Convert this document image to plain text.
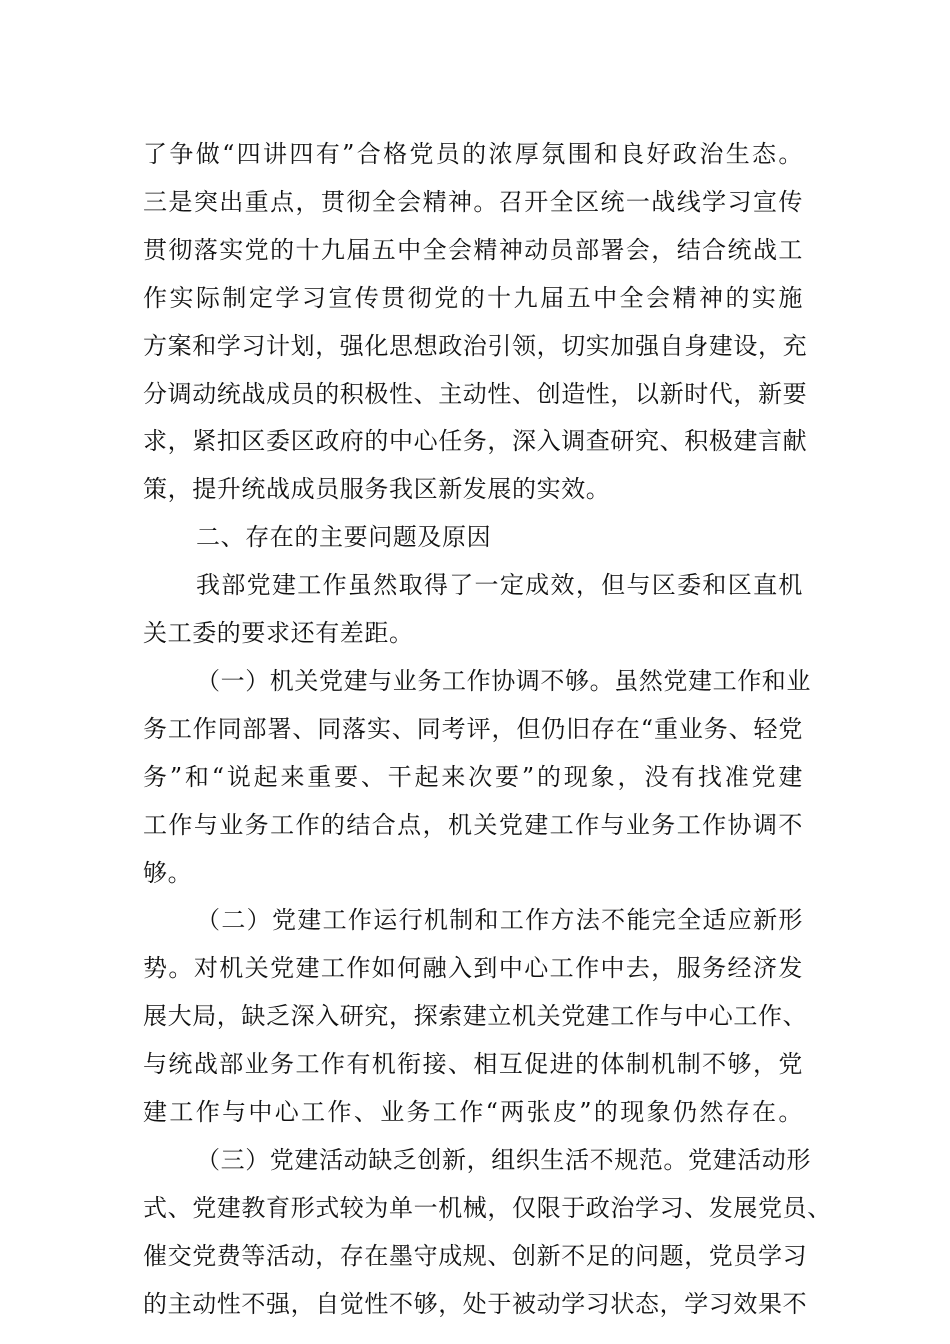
了争做“四讲四有”合格党员的浓厚氛围和良好政治生态。
三是突出重点，贯彻全会精神。召开全区统一战线学习宣传
贯彻落实党的十九届五中全会精神动员部署会，结合统战工
作实际制定学习宣传贯彻党的十九届五中全会精神的实施
方案和学习计划，强化思想政治引领，切实加强自身建设，充
分调动统战成员的积极性、主动性、创造性，以新时代，新要
求，紧扣区委区政府的中心任务，深入调查研究、积极建言献
策，提升统战成员服务我区新发展的实效。
二、存在的主要问题及原因
我部党建工作虽然取得了一定成效，但与区委和区直机
关工委的要求还有差距。
（一）机关党建与业务工作协调不够。虽然党建工作和业
务工作同部署、同落实、同考评，但仍旧存在“重业务、轻党
务”和“说起来重要、干起来次要”的现象，没有找准党建
工作与业务工作的结合点，机关党建工作与业务工作协调不
够。
（二）党建工作运行机制和工作方法不能完全适应新形
势。对机关党建工作如何融入到中心工作中去，服务经济发
展大局，缺乏深入研究，探索建立机关党建工作与中心工作、
与统战部业务工作有机衔接、相互促进的体制机制不够，党
建工作与中心工作、业务工作“两张皮”的现象仍然存在。
（三）党建活动缺乏创新，组织生活不规范。党建活动形
式、党建教育形式较为单一机械，仅限于政治学习、发展党员、
催交党费等活动，存在墨守成规、创新不足的问题，党员学习
的主动性不强，自觉性不够，处于被动学习状态，学习效果不
